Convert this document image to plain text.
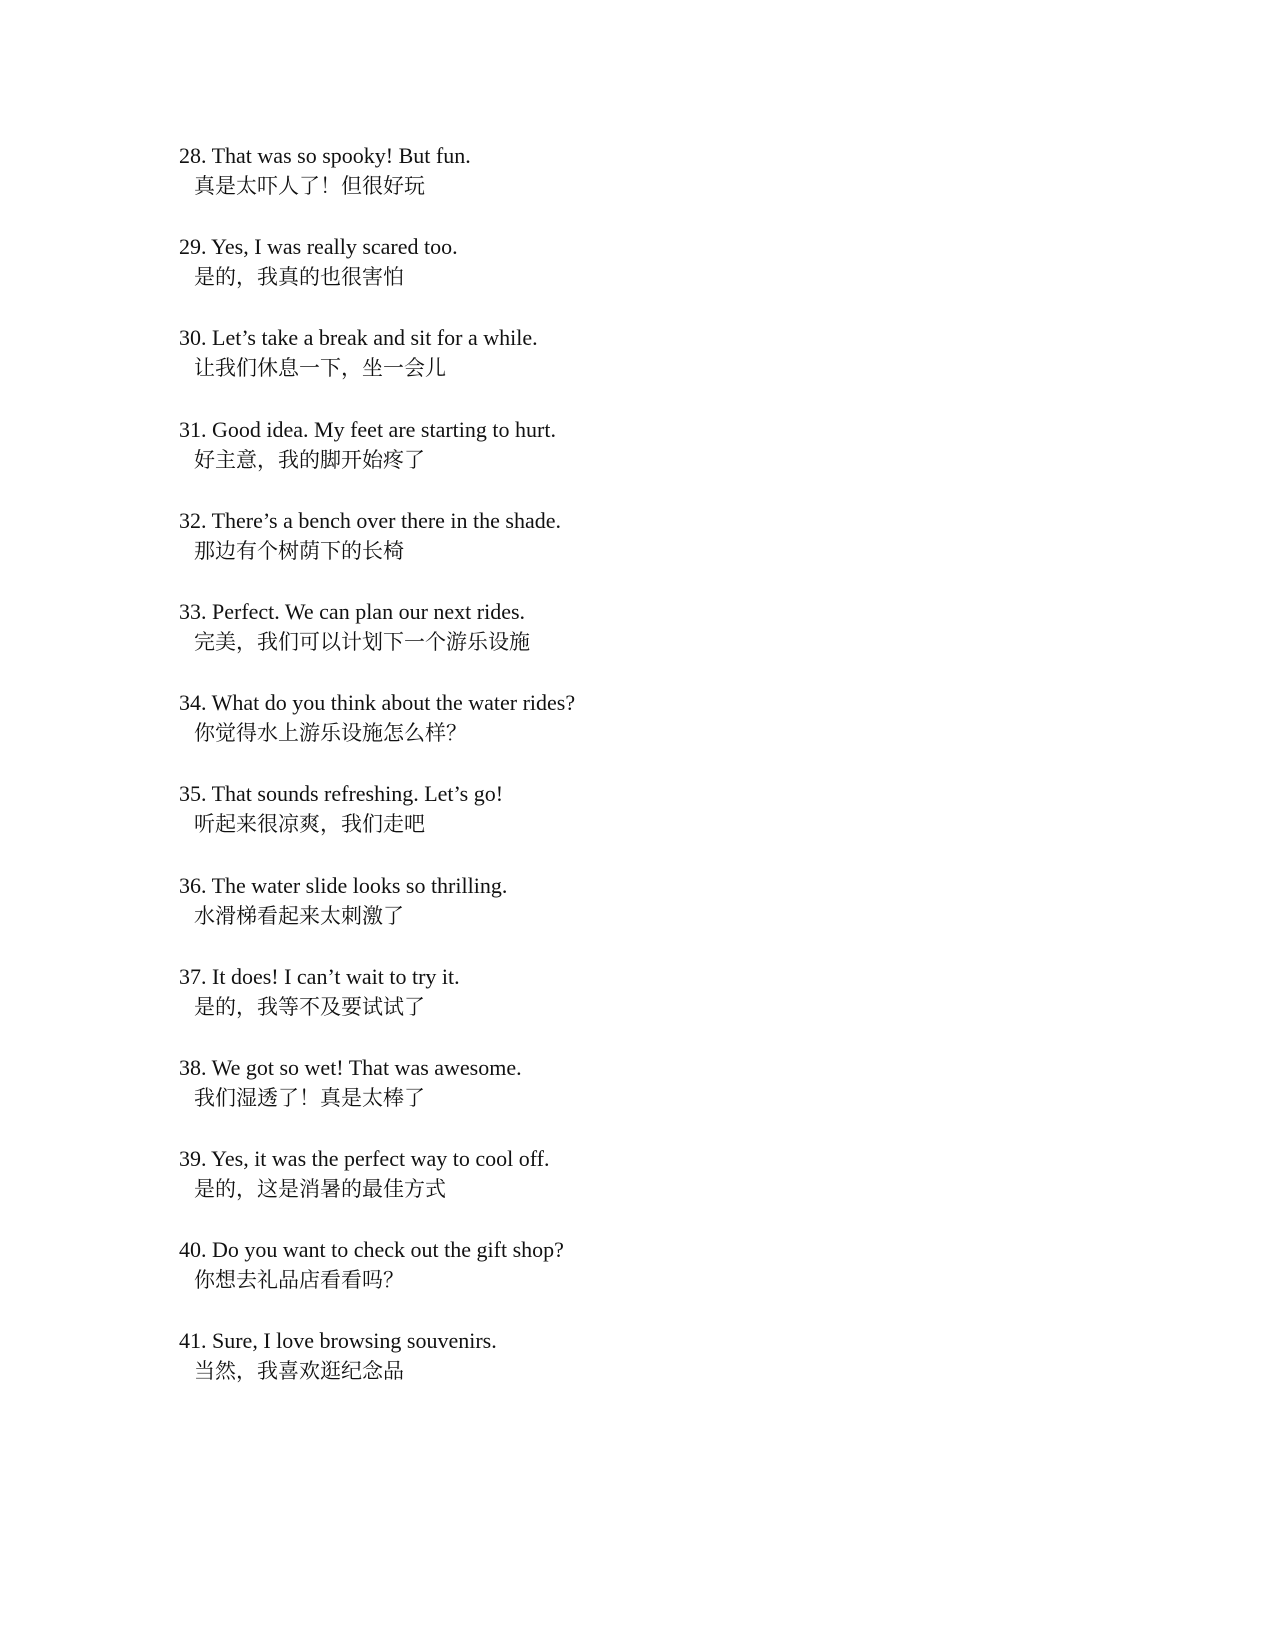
28. That was so spooky! But fun.
真是太吓人了！但很好玩
29. Yes, I was really scared too.
是的，我真的也很害怕
30. Let’s take a break and sit for a while.
让我们休息一下，坐一会儿
31. Good idea. My feet are starting to hurt.
好主意，我的脚开始疼了
32. There’s a bench over there in the shade.
那边有个树荫下的长椅
33. Perfect. We can plan our next rides.
完美，我们可以计划下一个游乐设施
34. What do you think about the water rides?
你觉得水上游乐设施怎么样？
35. That sounds refreshing. Let’s go!
听起来很凉爽，我们走吧
36. The water slide looks so thrilling.
水滑梯看起来太刺激了
37. It does! I can’t wait to try it.
是的，我等不及要试试了
38. We got so wet! That was awesome.
我们湿透了！真是太棒了
39. Yes, it was the perfect way to cool off.
是的，这是消暑的最佳方式
40. Do you want to check out the gift shop?
你想去礼品店看看吗？
41. Sure, I love browsing souvenirs.
当然，我喜欢逛纪念品
